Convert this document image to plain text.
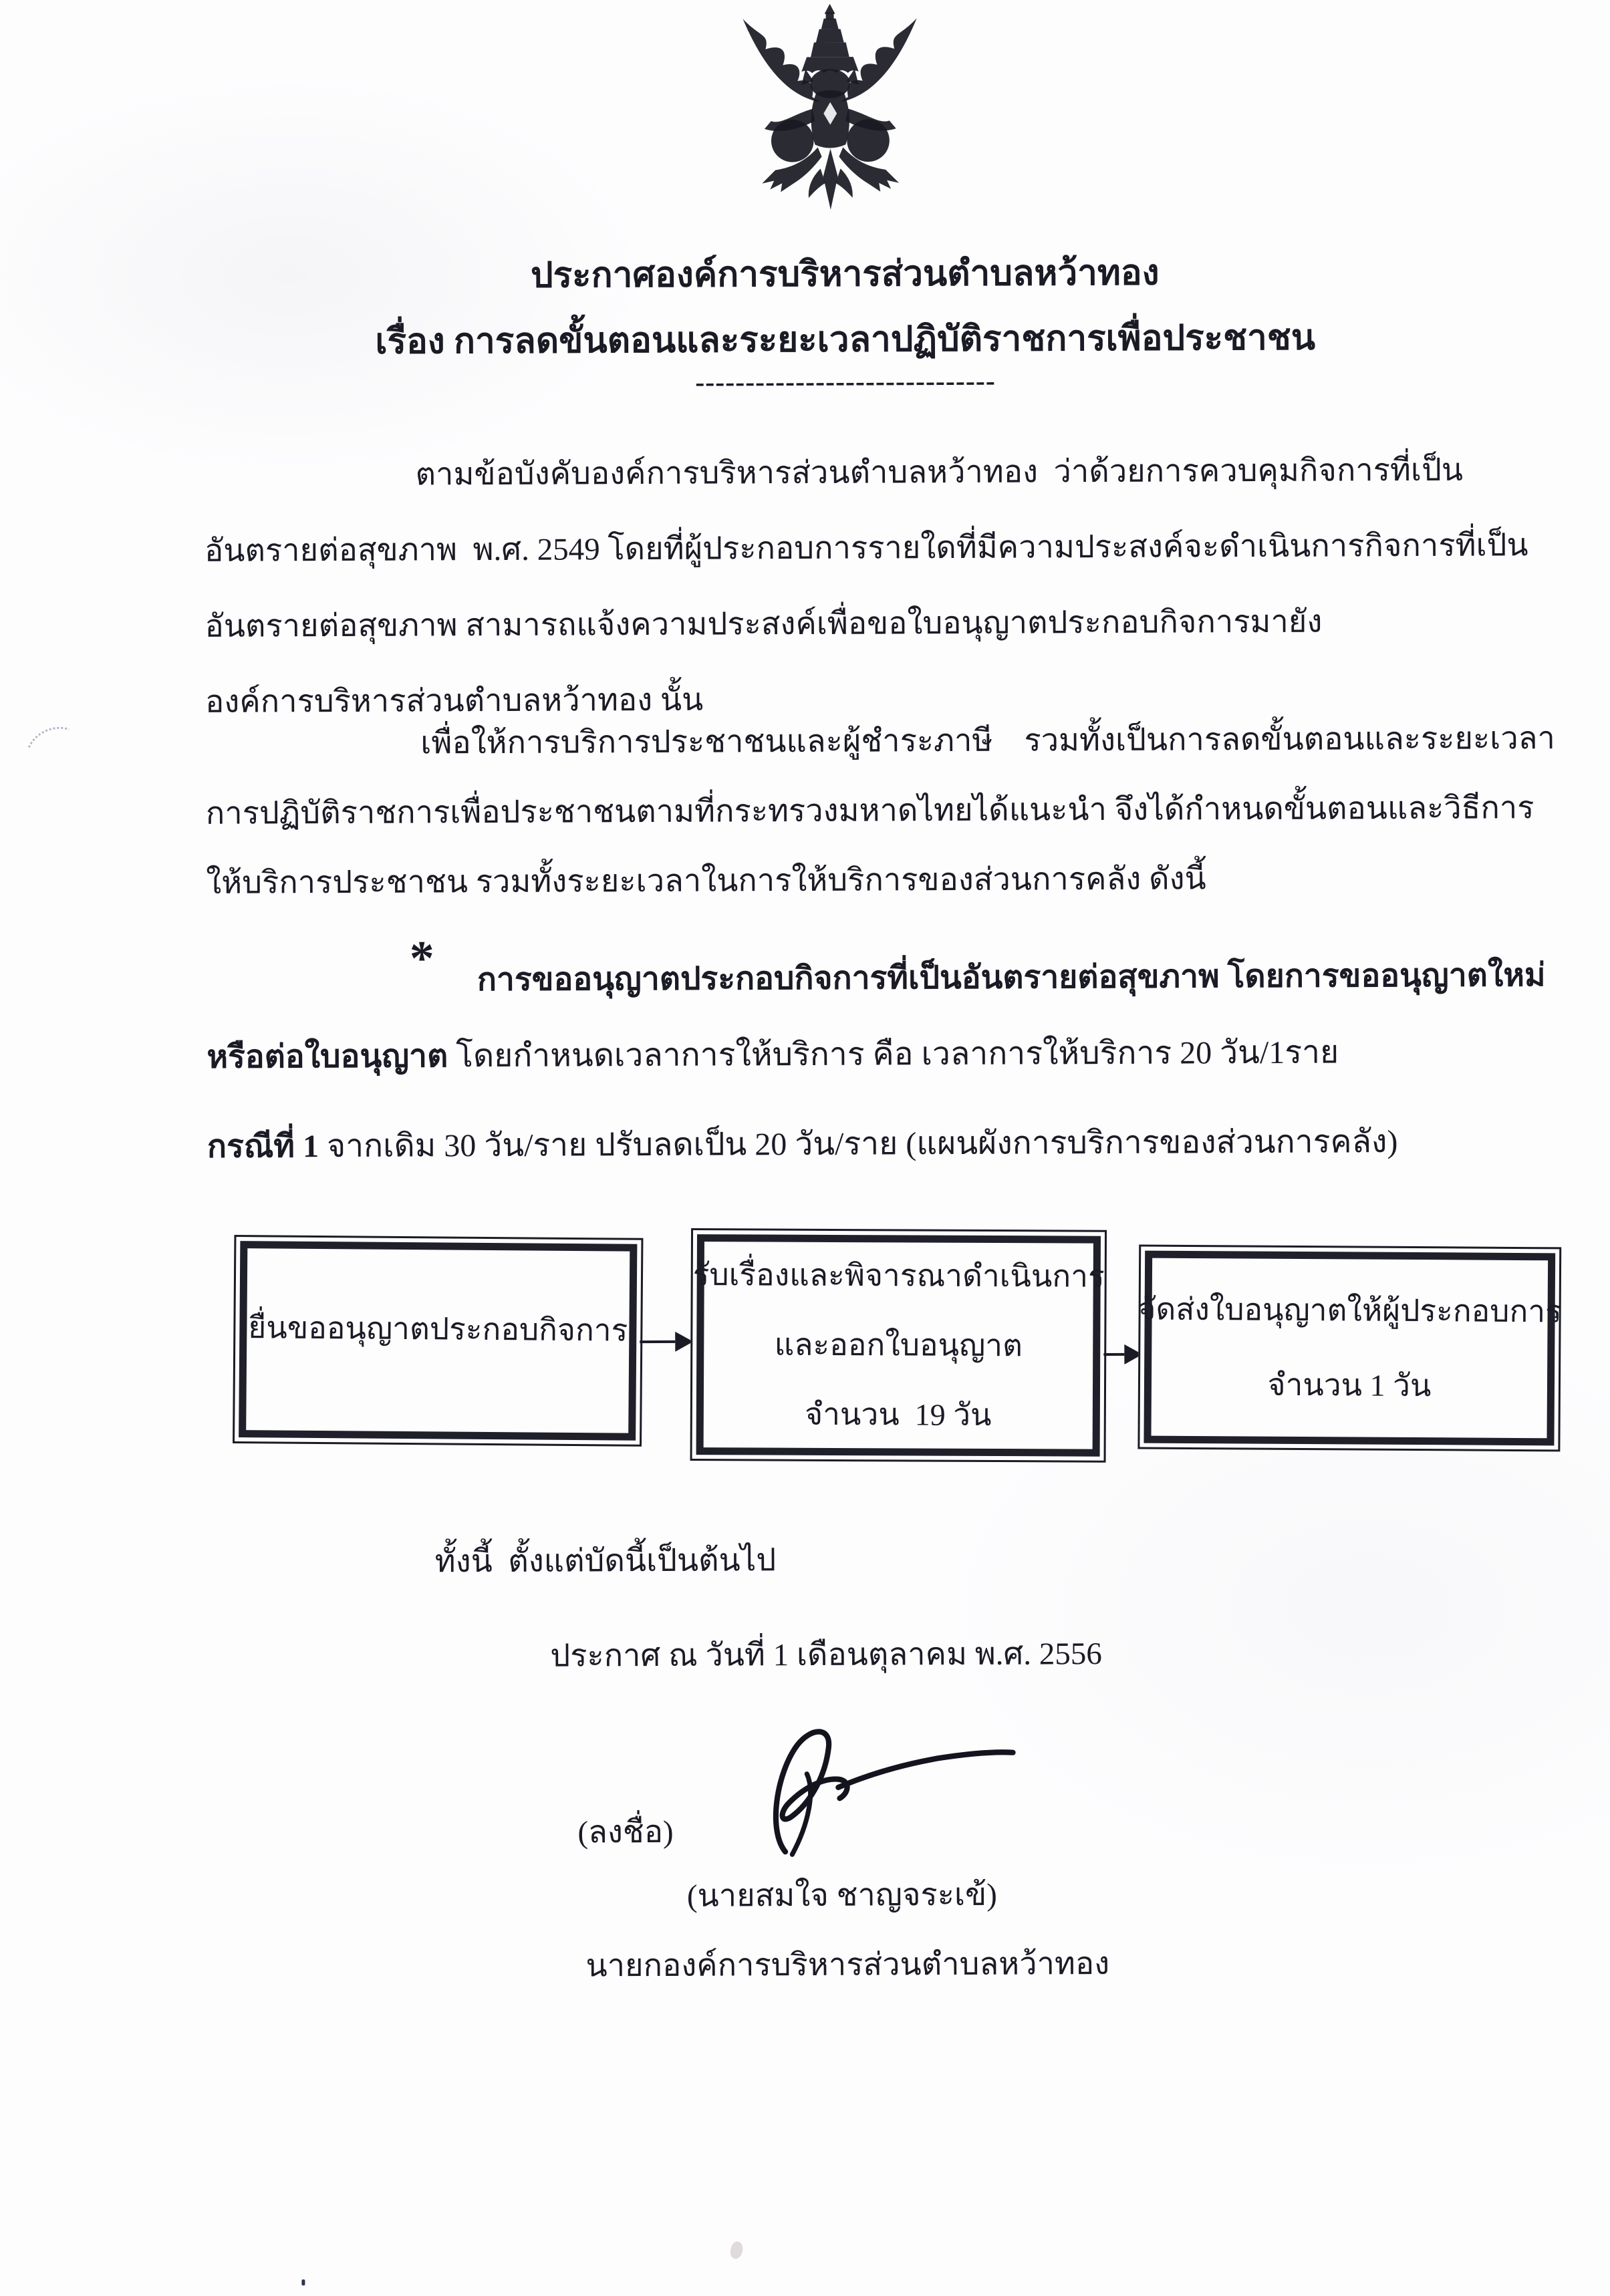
ประกาศองค์การบริหารส่วนตำบลหว้าทอง
เรื่อง การลดขั้นตอนและระยะเวลาปฏิบัติราชการเพื่อประชาชน
------------------------------
ตามข้อบังคับองค์การบริหารส่วนตำบลหว้าทอง  ว่าด้วยการควบคุมกิจการที่เป็น
อันตรายต่อสุขภาพ  พ.ศ. 2549 โดยที่ผู้ประกอบการรายใดที่มีความประสงค์จะดำเนินการกิจการที่เป็น
อันตรายต่อสุขภาพ สามารถแจ้งความประสงค์เพื่อขอใบอนุญาตประกอบกิจการมายัง
องค์การบริหารส่วนตำบลหว้าทอง นั้น
เพื่อให้การบริการประชาชนและผู้ชำระภาษี    รวมทั้งเป็นการลดขั้นตอนและระยะเวลา
การปฏิบัติราชการเพื่อประชาชนตามที่กระทรวงมหาดไทยได้แนะนำ จึงได้กำหนดขั้นตอนและวิธีการ
ให้บริการประชาชน รวมทั้งระยะเวลาในการให้บริการของส่วนการคลัง ดังนี้
*	การขออนุญาตประกอบกิจการที่เป็นอันตรายต่อสุขภาพ โดยการขออนุญาตใหม่
หรือต่อใบอนุญาต โดยกำหนดเวลาการให้บริการ คือ เวลาการให้บริการ 20 วัน/1ราย
กรณีที่ 1 จากเดิม 30 วัน/ราย ปรับลดเป็น 20 วัน/ราย (แผนผังการบริการของส่วนการคลัง)
ยื่นขออนุญาตประกอบกิจการ
รับเรื่องและพิจารณาดำเนินการ
และออกใบอนุญาต
จำนวน  19 วัน
จัดส่งใบอนุญาตให้ผู้ประกอบการ
จำนวน 1 วัน
ทั้งนี้  ตั้งแต่บัดนี้เป็นต้นไป
ประกาศ ณ วันที่ 1 เดือนตุลาคม พ.ศ. 2556
(ลงชื่อ)
(นายสมใจ ชาญจระเข้)
นายกองค์การบริหารส่วนตำบลหว้าทอง
